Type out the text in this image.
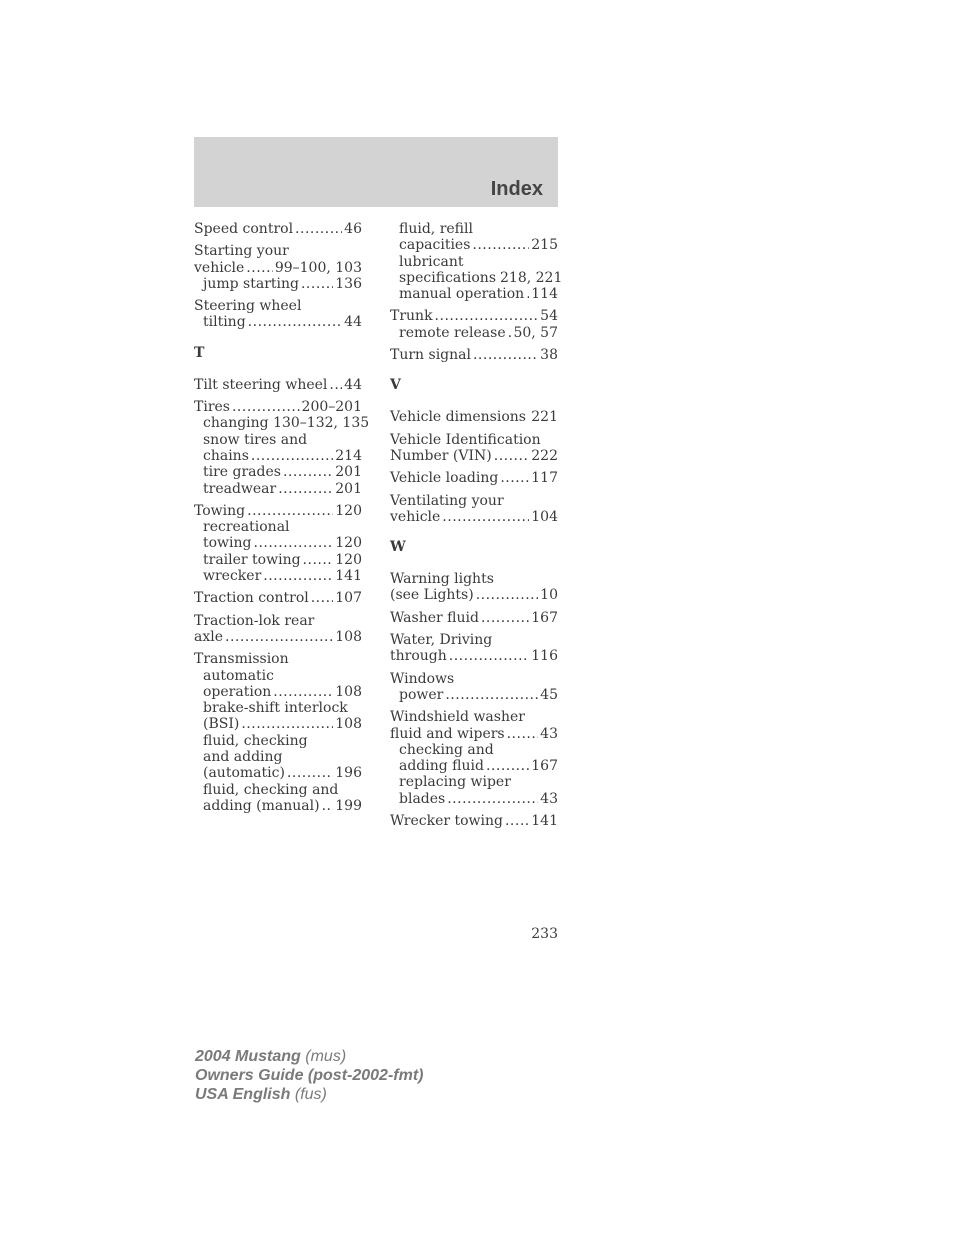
Index
Speed control .....	46
Starting your
vehicle ..... 99–100, 103
jump starting .....	136
Steering wheel
tilting .....	44
T
Tilt steering wheel ..... 44
Tires .....	200–201
changing 130–132, 135
snow tires and
chains .....	214
tire grades .....	201
treadwear .....	201
Towing .....	120
recreational
towing .....	120
trailer towing ..... 120
wrecker .....	141
Traction control ..... 107
Traction-lok rear
axle .....	108
Transmission
automatic
operation .....	108
brake-shift interlock
(BSI) .....	108
fluid, checking
and adding
(automatic) .....	196
fluid, checking and
adding (manual) ..... 199
fluid, refill
capacities .....	215
lubricant
specifications 218, 221
manual operation ..... 114
Trunk .....	54
remote release ..... 50, 57
Turn signal .....	38
V
Vehicle dimensions ..... 221
Vehicle Identification
Number (VIN) .....	222
Vehicle loading ..... 117
Ventilating your
vehicle .....	104
W
Warning lights
(see Lights) .....	10
Washer fluid .....	167
Water, Driving
through .....	116
Windows
power .....	45
Windshield washer
fluid and wipers .....	43
checking and
adding fluid .....	167
replacing wiper
blades .....	43
Wrecker towing ..... 141
233
2004 Mustang (mus)
Owners Guide (post-2002-fmt)
USA English (fus)
